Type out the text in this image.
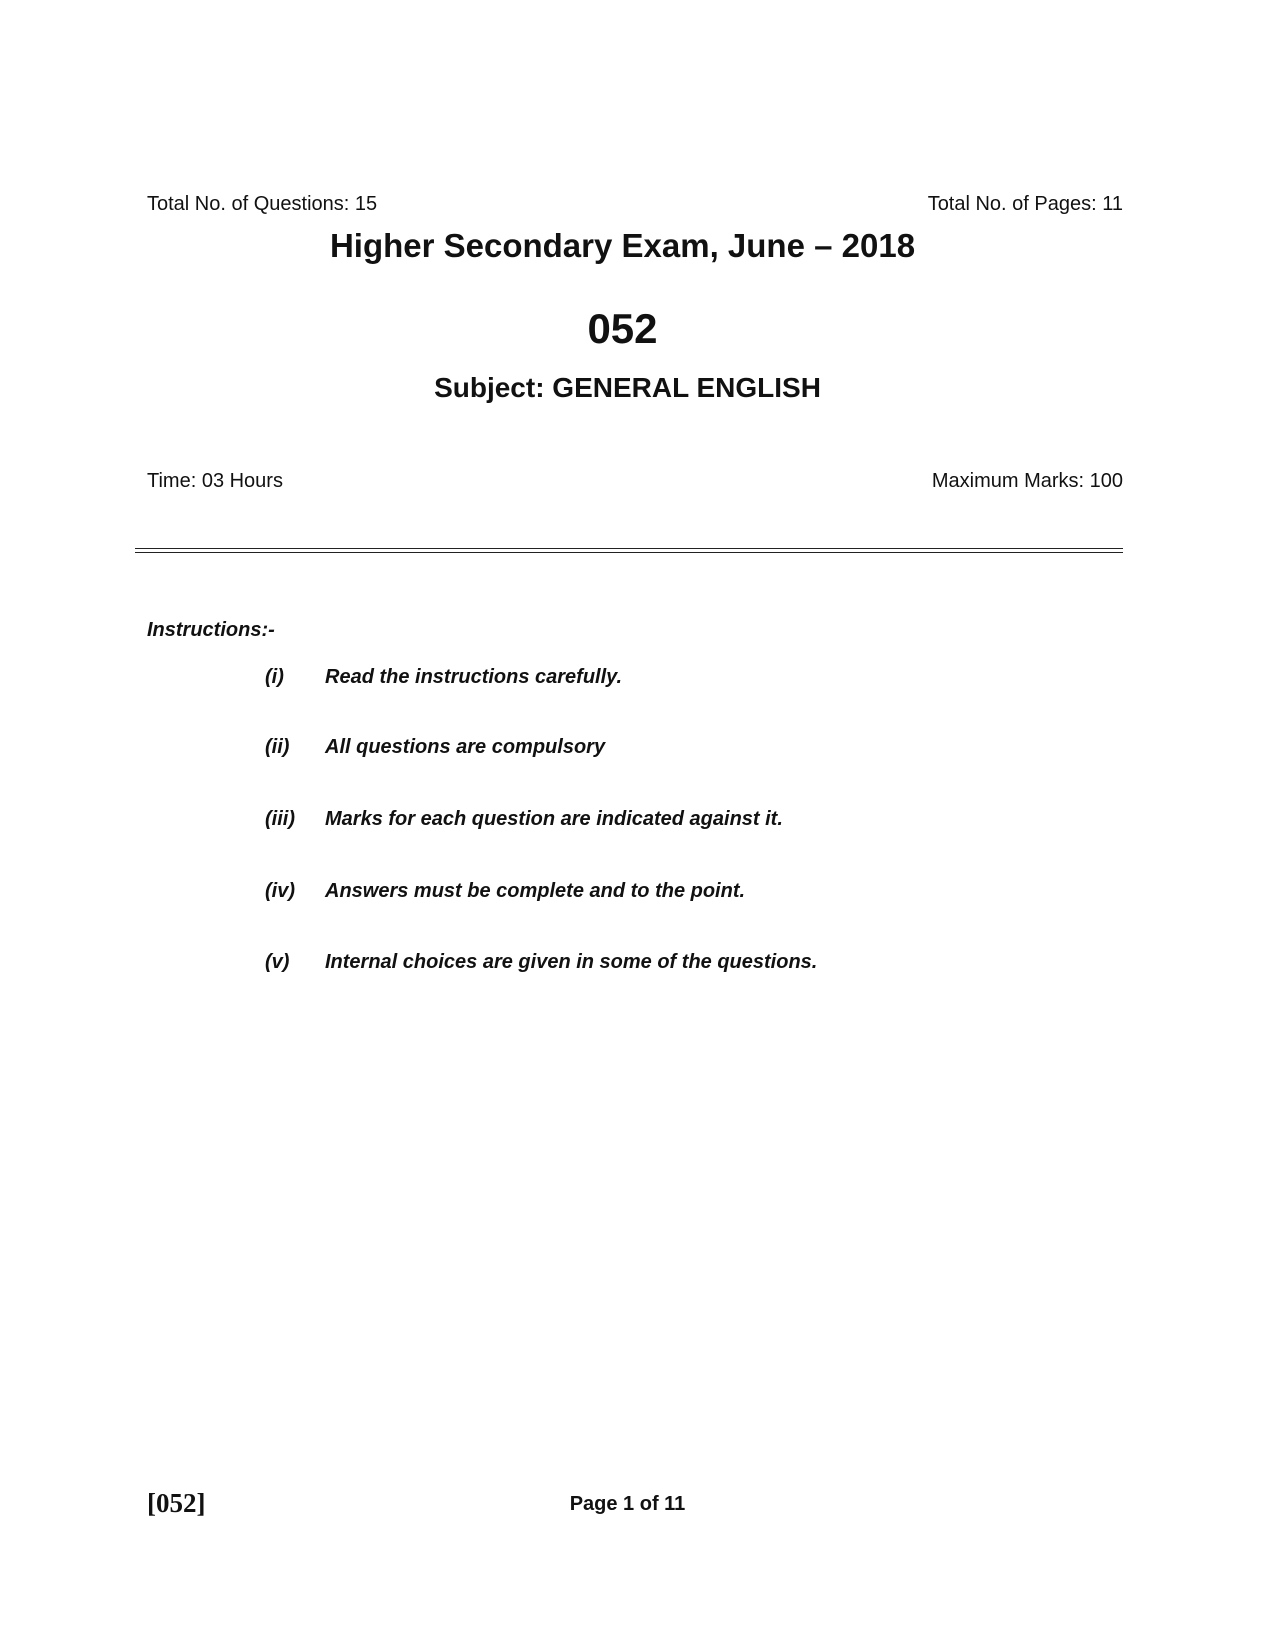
Total No. of Questions: 15	Total No. of Pages: 11
Higher Secondary Exam, June – 2018
052
Subject: GENERAL ENGLISH
Time: 03 Hours	Maximum Marks: 100
Instructions:-
(i) Read the instructions carefully.
(ii) All questions are compulsory
(iii) Marks for each question are indicated against it.
(iv) Answers must be complete and to the point.
(v) Internal choices are given in some of the questions.
[052]	Page 1 of 11
